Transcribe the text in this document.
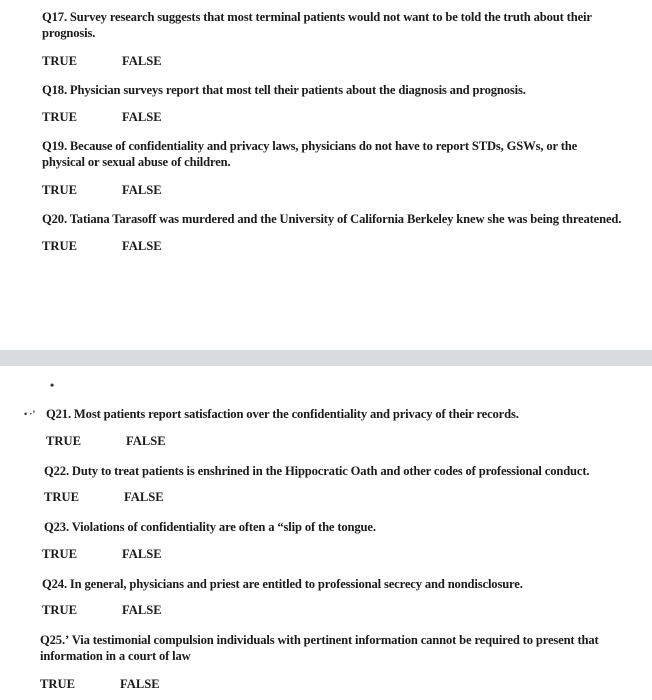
Q17. Survey research suggests that most terminal patients would not want to be told the truth about their prognosis.
TRUE	FALSE
Q18. Physician surveys report that most tell their patients about the diagnosis and prognosis.
TRUE	FALSE
Q19. Because of confidentiality and privacy laws, physicians do not have to report STDs, GSWs, or the physical or sexual abuse of children.
TRUE	FALSE
Q20. Tatiana Tarasoff was murdered and the University of California Berkeley knew she was being threatened.
TRUE	FALSE
•
• ·ʼ Q21. Most patients report satisfaction over the confidentiality and privacy of their records.
TRUE	FALSE
Q22. Duty to treat patients is enshrined in the Hippocratic Oath and other codes of professional conduct.
TRUE	FALSE
Q23. Violations of confidentiality are often a “slip of the tongue.
TRUE	FALSE
Q24. In general, physicians and priest are entitled to professional secrecy and nondisclosure.
TRUE	FALSE
Q25.ʼ Via testimonial compulsion individuals with pertinent information cannot be required to present that information in a court of law
TRUE	FALSE
